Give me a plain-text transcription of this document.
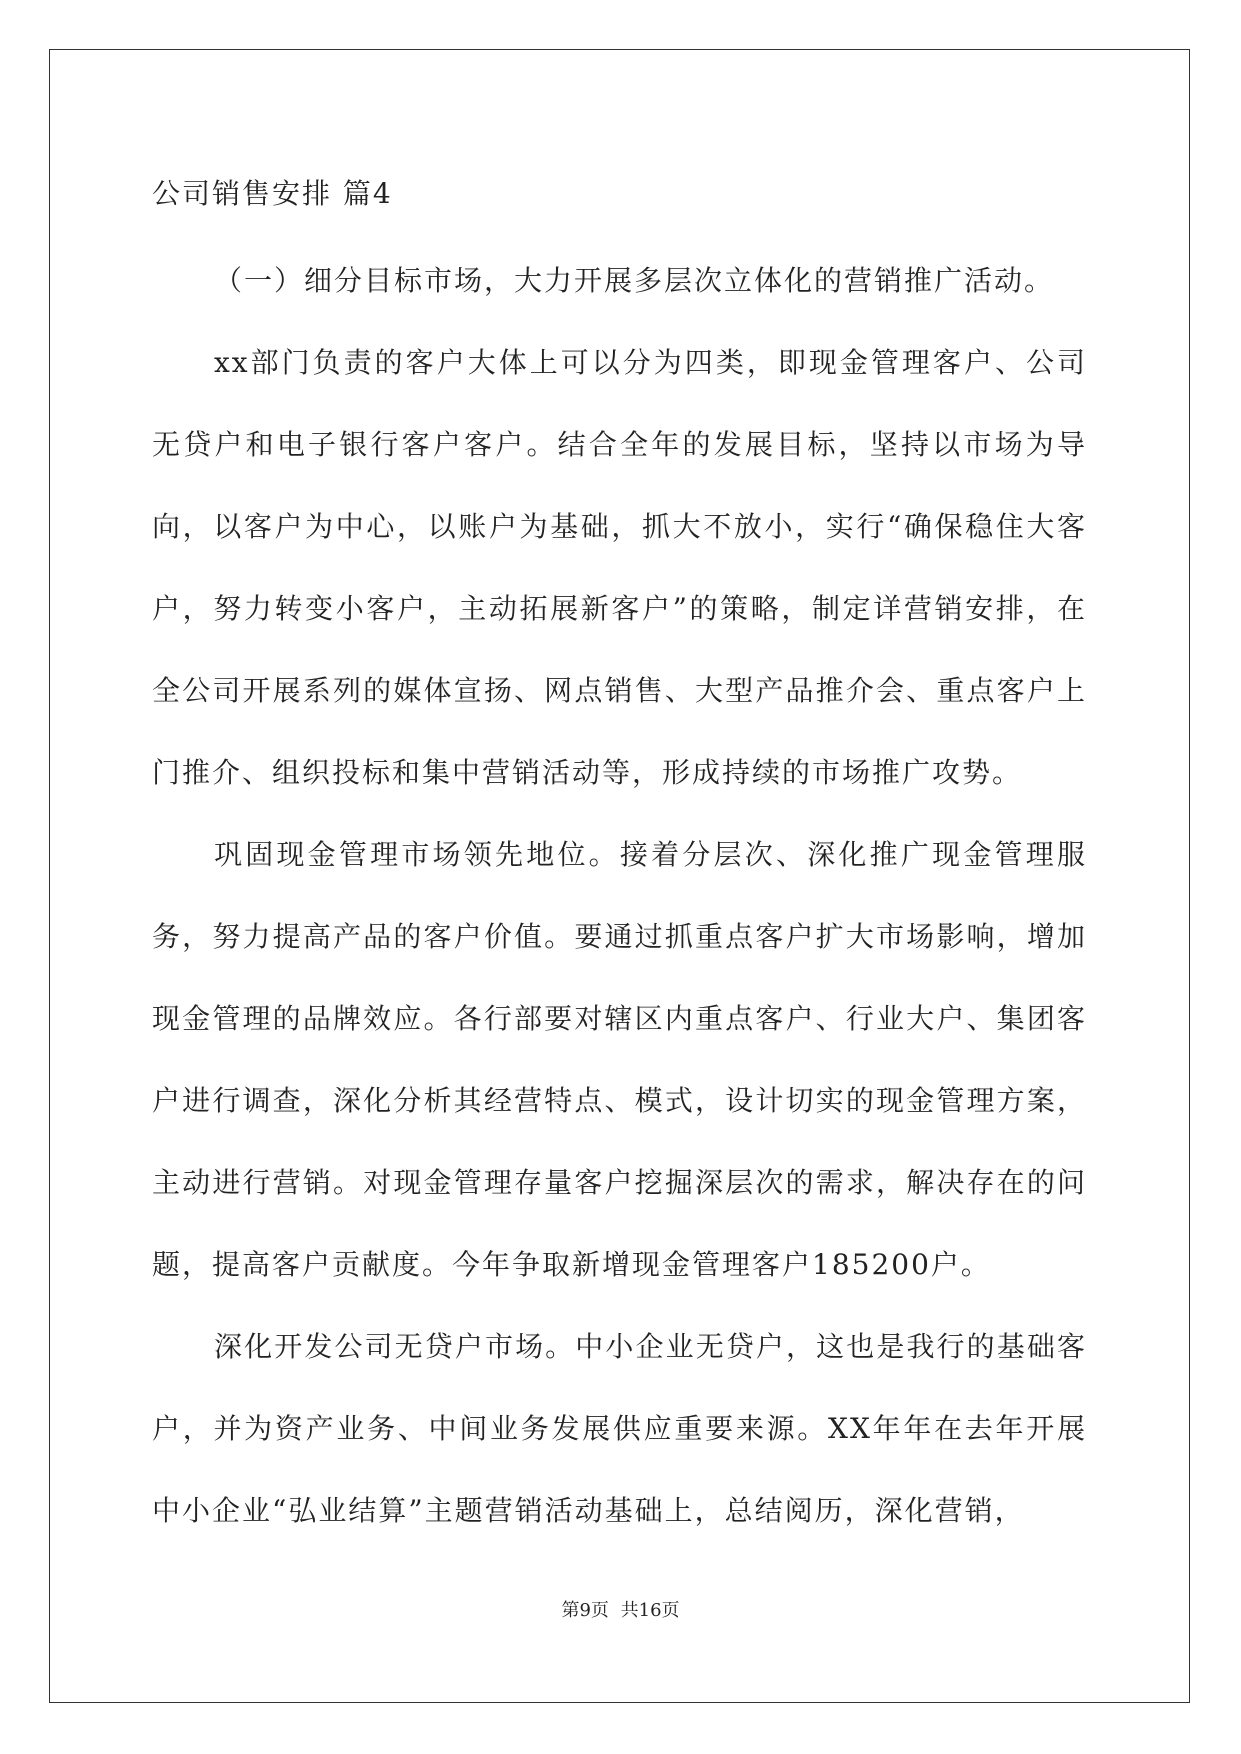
公司销售安排 篇4

（一）细分目标市场，大力开展多层次立体化的营销推广活动。

xx部门负责的客户大体上可以分为四类，即现金管理客户、公司无贷户和电子银行客户客户。结合全年的发展目标，坚持以市场为导向，以客户为中心，以账户为基础，抓大不放小，实行“确保稳住大客户，努力转变小客户，主动拓展新客户”的策略，制定详营销安排，在全公司开展系列的媒体宣扬、网点销售、大型产品推介会、重点客户上门推介、组织投标和集中营销活动等，形成持续的市场推广攻势。

巩固现金管理市场领先地位。接着分层次、深化推广现金管理服务，努力提高产品的客户价值。要通过抓重点客户扩大市场影响，增加现金管理的品牌效应。各行部要对辖区内重点客户、行业大户、集团客户进行调查，深化分析其经营特点、模式，设计切实的现金管理方案，主动进行营销。对现金管理存量客户挖掘深层次的需求，解决存在的问题，提高客户贡献度。今年争取新增现金管理客户185200户。

深化开发公司无贷户市场。中小企业无贷户，这也是我行的基础客户，并为资产业务、中间业务发展供应重要来源。XX年年在去年开展中小企业“弘业结算”主题营销活动基础上，总结阅历，深化营销，

第9页 共16页
